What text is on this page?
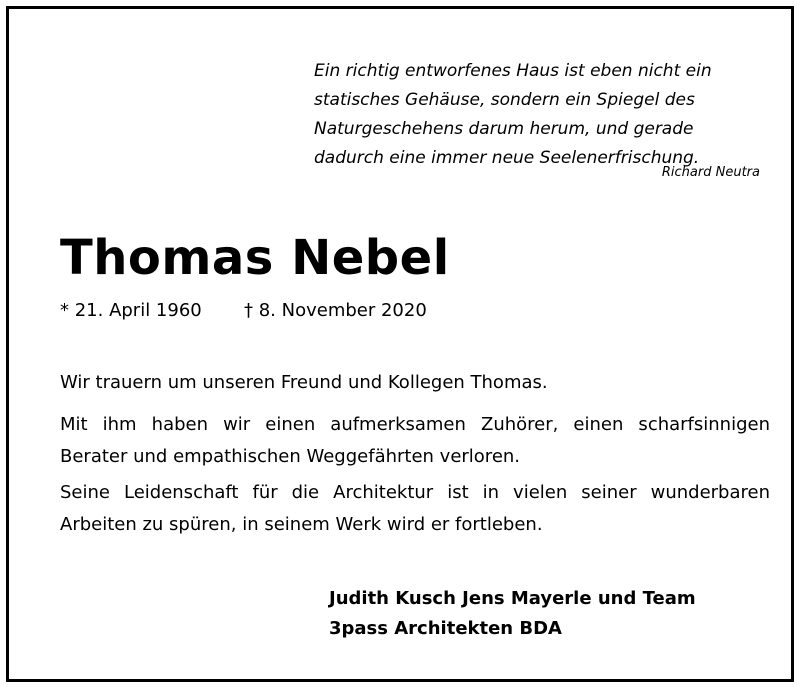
Ein richtig entworfenes Haus ist eben nicht ein
statisches Gehäuse, sondern ein Spiegel des
Naturgeschehens darum herum, und gerade
dadurch eine immer neue Seelenerfrischung.
Richard Neutra
Thomas Nebel
* 21. April 1960 † 8. November 2020
Wir trauern um unseren Freund und Kollegen Thomas.
Mit ihm haben wir einen aufmerksamen Zuhörer, einen scharfsinnigen
Berater und empathischen Weggefährten verloren.
Seine Leidenschaft für die Architektur ist in vielen seiner wunderbaren
Arbeiten zu spüren, in seinem Werk wird er fortleben.
Judith Kusch Jens Mayerle und Team
3pass Architekten BDA
